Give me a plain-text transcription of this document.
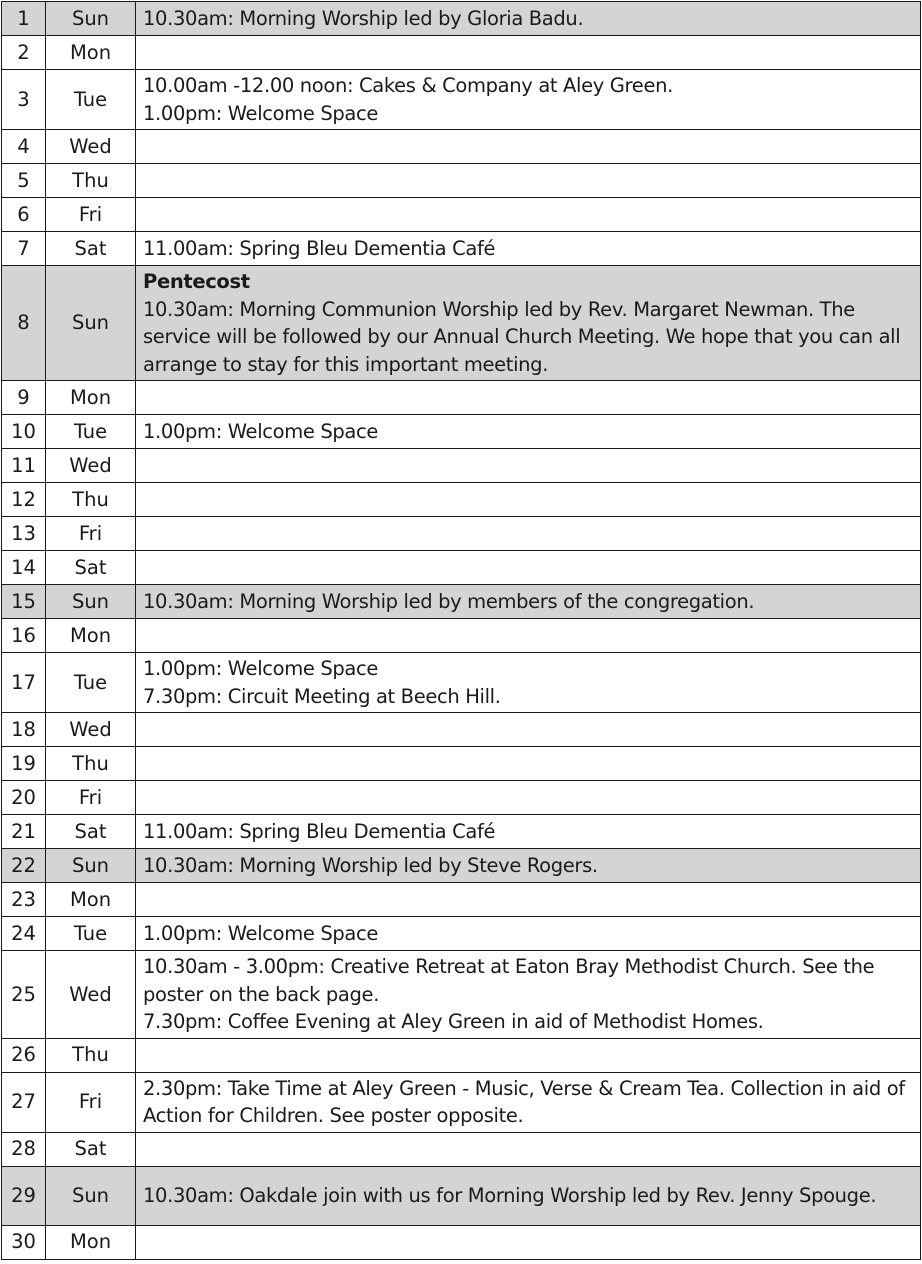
1	Sun	10.30am: Morning Worship led by Gloria Badu.

2	Mon	
3	Tue	10.00am -12.00 noon: Cakes & Company at Aley Green.
1.00pm: Welcome Space

4	Wed	
5	Thu	
6	Fri	
7	Sat	11.00am: Spring Bleu Dementia Café

8	Sun	Pentecost
10.30am: Morning Communion Worship led by Rev. Margaret Newman. The service will be followed by our Annual Church Meeting. We hope that you can all arrange to stay for this important meeting.

9	Mon	
10	Tue	1.00pm: Welcome Space

11	Wed	
12	Thu	
13	Fri	
14	Sat	
15	Sun	10.30am: Morning Worship led by members of the congregation.

16	Mon	
17	Tue	1.00pm: Welcome Space
7.30pm: Circuit Meeting at Beech Hill.

18	Wed	
19	Thu	
20	Fri	
21	Sat	11.00am: Spring Bleu Dementia Café

22	Sun	10.30am: Morning Worship led by Steve Rogers.

23	Mon	
24	Tue	1.00pm: Welcome Space

25	Wed	10.30am - 3.00pm: Creative Retreat at Eaton Bray Methodist Church. See the poster on the back page.
7.30pm: Coffee Evening at Aley Green in aid of Methodist Homes.

26	Thu	
27	Fri	2.30pm: Take Time at Aley Green - Music, Verse & Cream Tea. Collection in aid of Action for Children. See poster opposite.

28	Sat	
29	Sun	10.30am: Oakdale join with us for Morning Worship led by Rev. Jenny Spouge.

30	Mon	
